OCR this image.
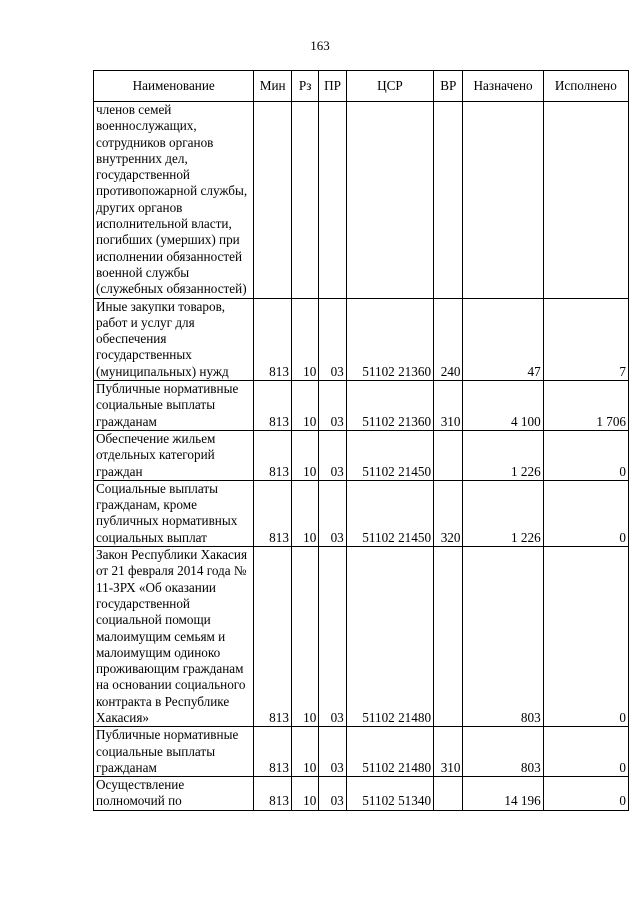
163
Наименование	Мин	Рз	ПР	ЦСР	ВР	Назначено	Исполнено
членов семей военнослужащих, сотрудников органов внутренних дел, государственной противопожарной службы, других органов исполнительной власти, погибших (умерших) при исполнении обязанностей военной службы (служебных обязанностей)							
Иные закупки товаров, работ и услуг для обеспечения государственных (муниципальных) нужд	813	10	03	51102 21360	240	47	7
Публичные нормативные социальные выплаты гражданам	813	10	03	51102 21360	310	4 100	1 706
Обеспечение жильем отдельных категорий граждан	813	10	03	51102 21450		1 226	0
Социальные выплаты гражданам, кроме публичных нормативных социальных выплат	813	10	03	51102 21450	320	1 226	0
Закон Республики Хакасия от 21 февраля 2014 года № 11-ЗРХ «Об оказании государственной социальной помощи малоимущим семьям и малоимущим одиноко проживающим гражданам на основании социального контракта в Республике Хакасия»	813	10	03	51102 21480		803	0
Публичные нормативные социальные выплаты гражданам	813	10	03	51102 21480	310	803	0
Осуществление полномочий по	813	10	03	51102 51340		14 196	0
